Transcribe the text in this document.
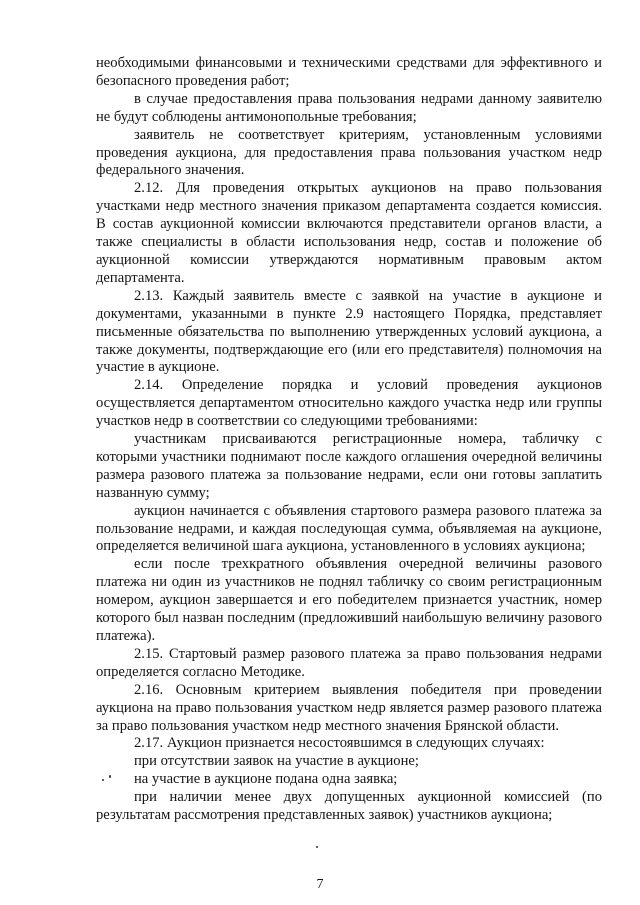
необходимыми финансовыми и техническими средствами для эффективного и безопасного проведения работ;

в случае предоставления права пользования недрами данному заявителю не будут соблюдены антимонопольные требования;

заявитель не соответствует критериям, установленным условиями проведения аукциона, для предоставления права пользования участком недр федерального значения.

2.12. Для проведения открытых аукционов на право пользования участками недр местного значения приказом департамента создается комиссия. В состав аукционной комиссии включаются представители органов власти, а также специалисты в области использования недр, состав и положение об аукционной комиссии утверждаются нормативным правовым актом департамента.

2.13. Каждый заявитель вместе с заявкой на участие в аукционе и документами, указанными в пункте 2.9 настоящего Порядка, представляет письменные обязательства по выполнению утвержденных условий аукциона, а также документы, подтверждающие его (или его представителя) полномочия на участие в аукционе.

2.14. Определение порядка и условий проведения аукционов осуществляется департаментом относительно каждого участка недр или группы участков недр в соответствии со следующими требованиями:

участникам присваиваются регистрационные номера, табличку с которыми участники поднимают после каждого оглашения очередной величины размера разового платежа за пользование недрами, если они готовы заплатить названную сумму;

аукцион начинается с объявления стартового размера разового платежа за пользование недрами, и каждая последующая сумма, объявляемая на аукционе, определяется величиной шага аукциона, установленного в условиях аукциона;

если после трехкратного объявления очередной величины разового платежа ни один из участников не поднял табличку со своим регистрационным номером, аукцион завершается и его победителем признается участник, номер которого был назван последним (предложивший наибольшую величину разового платежа).

2.15. Стартовый размер разового платежа за право пользования недрами определяется согласно Методике.

2.16. Основным критерием выявления победителя при проведении аукциона на право пользования участком недр является размер разового платежа за право пользования участком недр местного значения Брянской области.

2.17. Аукцион признается несостоявшимся в следующих случаях:

при отсутствии заявок на участие в аукционе;

на участие в аукционе подана одна заявка;

при наличии менее двух допущенных аукционной комиссией (по результатам рассмотрения представленных заявок) участников аукциона;

7
